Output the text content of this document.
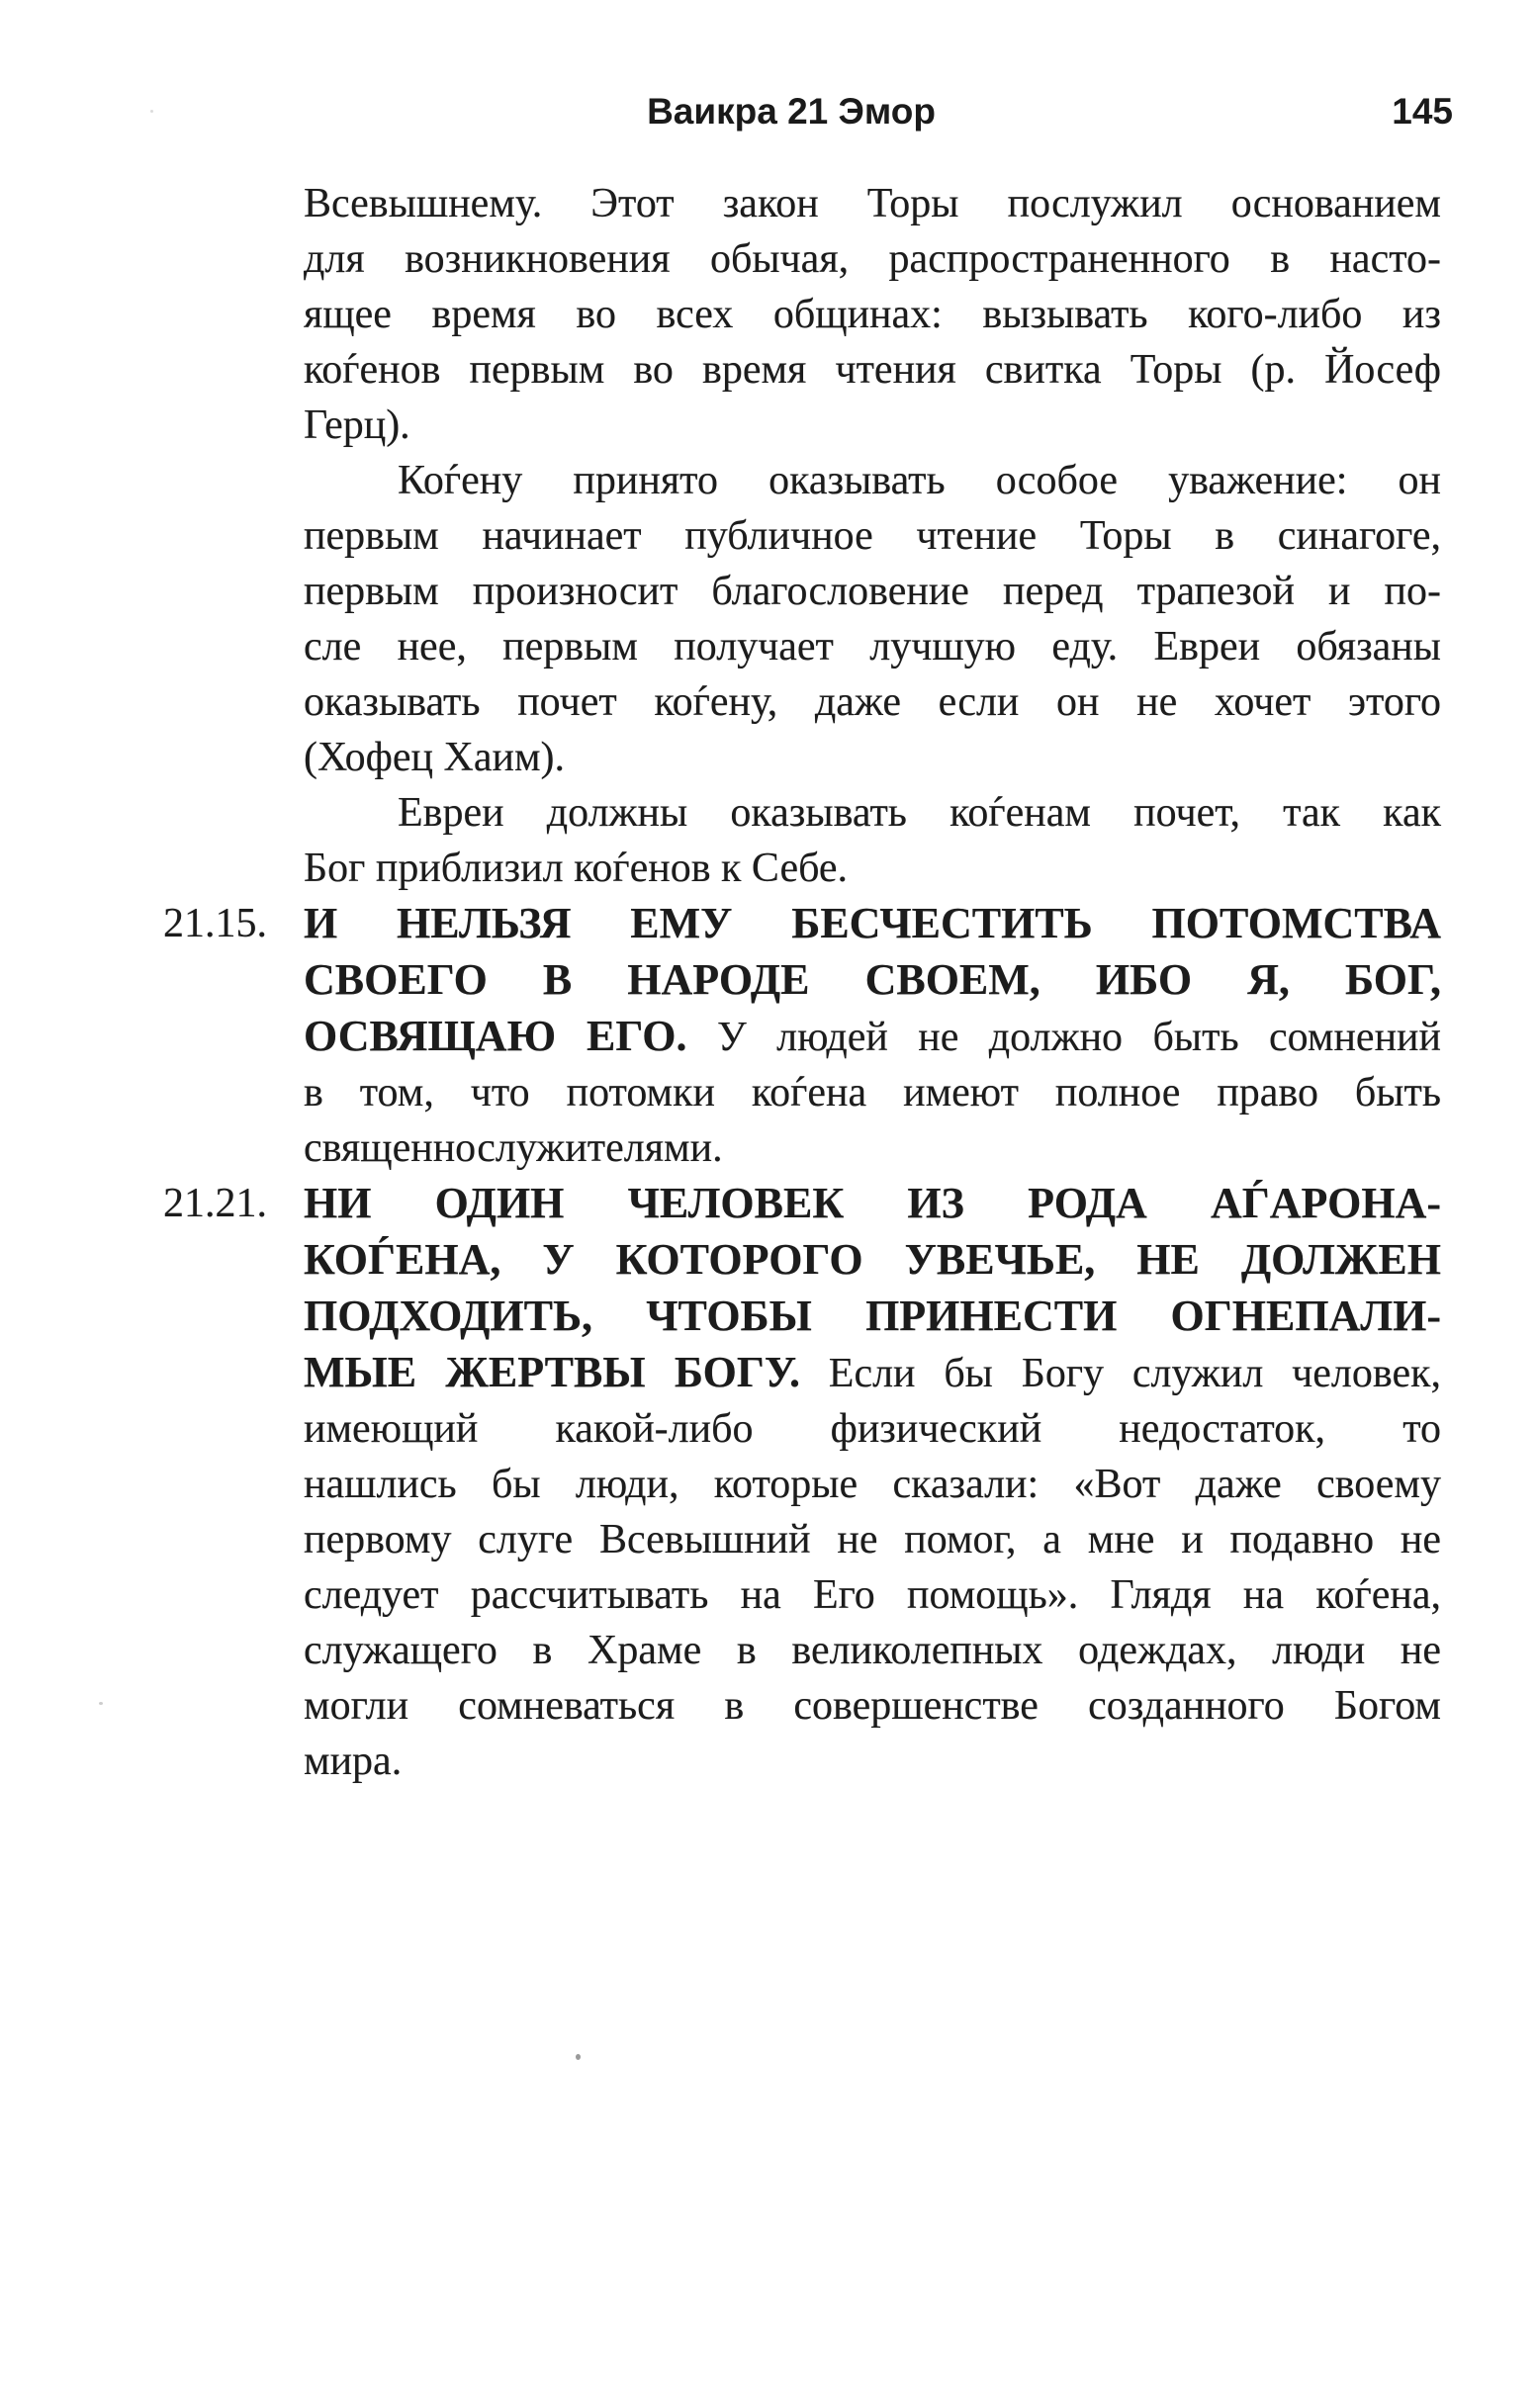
Ваикра 21 Эмор	145
Всевышнему. Этот закон Торы послужил основанием
для возникновения обычая, распространенного в насто-
ящее время во всех общинах: вызывать кого-либо из
коѓенов первым во время чтения свитка Торы (р. Йосеф
Герц).
Коѓену принято оказывать особое уважение: он
первым начинает публичное чтение Торы в синагоге,
первым произносит благословение перед трапезой и по-
сле нее, первым получает лучшую еду. Евреи обязаны
оказывать почет коѓену, даже если он не хочет этого
(Хофец Хаим).
Евреи должны оказывать коѓенам почет, так как
Бог приблизил коѓенов к Себе.
21.15. И НЕЛЬЗЯ ЕМУ БЕСЧЕСТИТЬ ПОТОМСТВА
СВОЕГО В НАРОДЕ СВОЕМ, ИБО Я, БОГ,
ОСВЯЩАЮ ЕГО. У людей не должно быть сомнений
в том, что потомки коѓена имеют полное право быть
священнослужителями.
21.21. НИ ОДИН ЧЕЛОВЕК ИЗ РОДА АЃАРОНА-
КОЃЕНА, У КОТОРОГО УВЕЧЬЕ, НЕ ДОЛЖЕН
ПОДХОДИТЬ, ЧТОБЫ ПРИНЕСТИ ОГНЕПАЛИ-
МЫЕ ЖЕРТВЫ БОГУ. Если бы Богу служил человек,
имеющий какой-либо физический недостаток, то
нашлись бы люди, которые сказали: «Вот даже своему
первому слуге Всевышний не помог, а мне и подавно не
следует рассчитывать на Его помощь». Глядя на коѓена,
служащего в Храме в великолепных одеждах, люди не
могли сомневаться в совершенстве созданного Богом
мира.
